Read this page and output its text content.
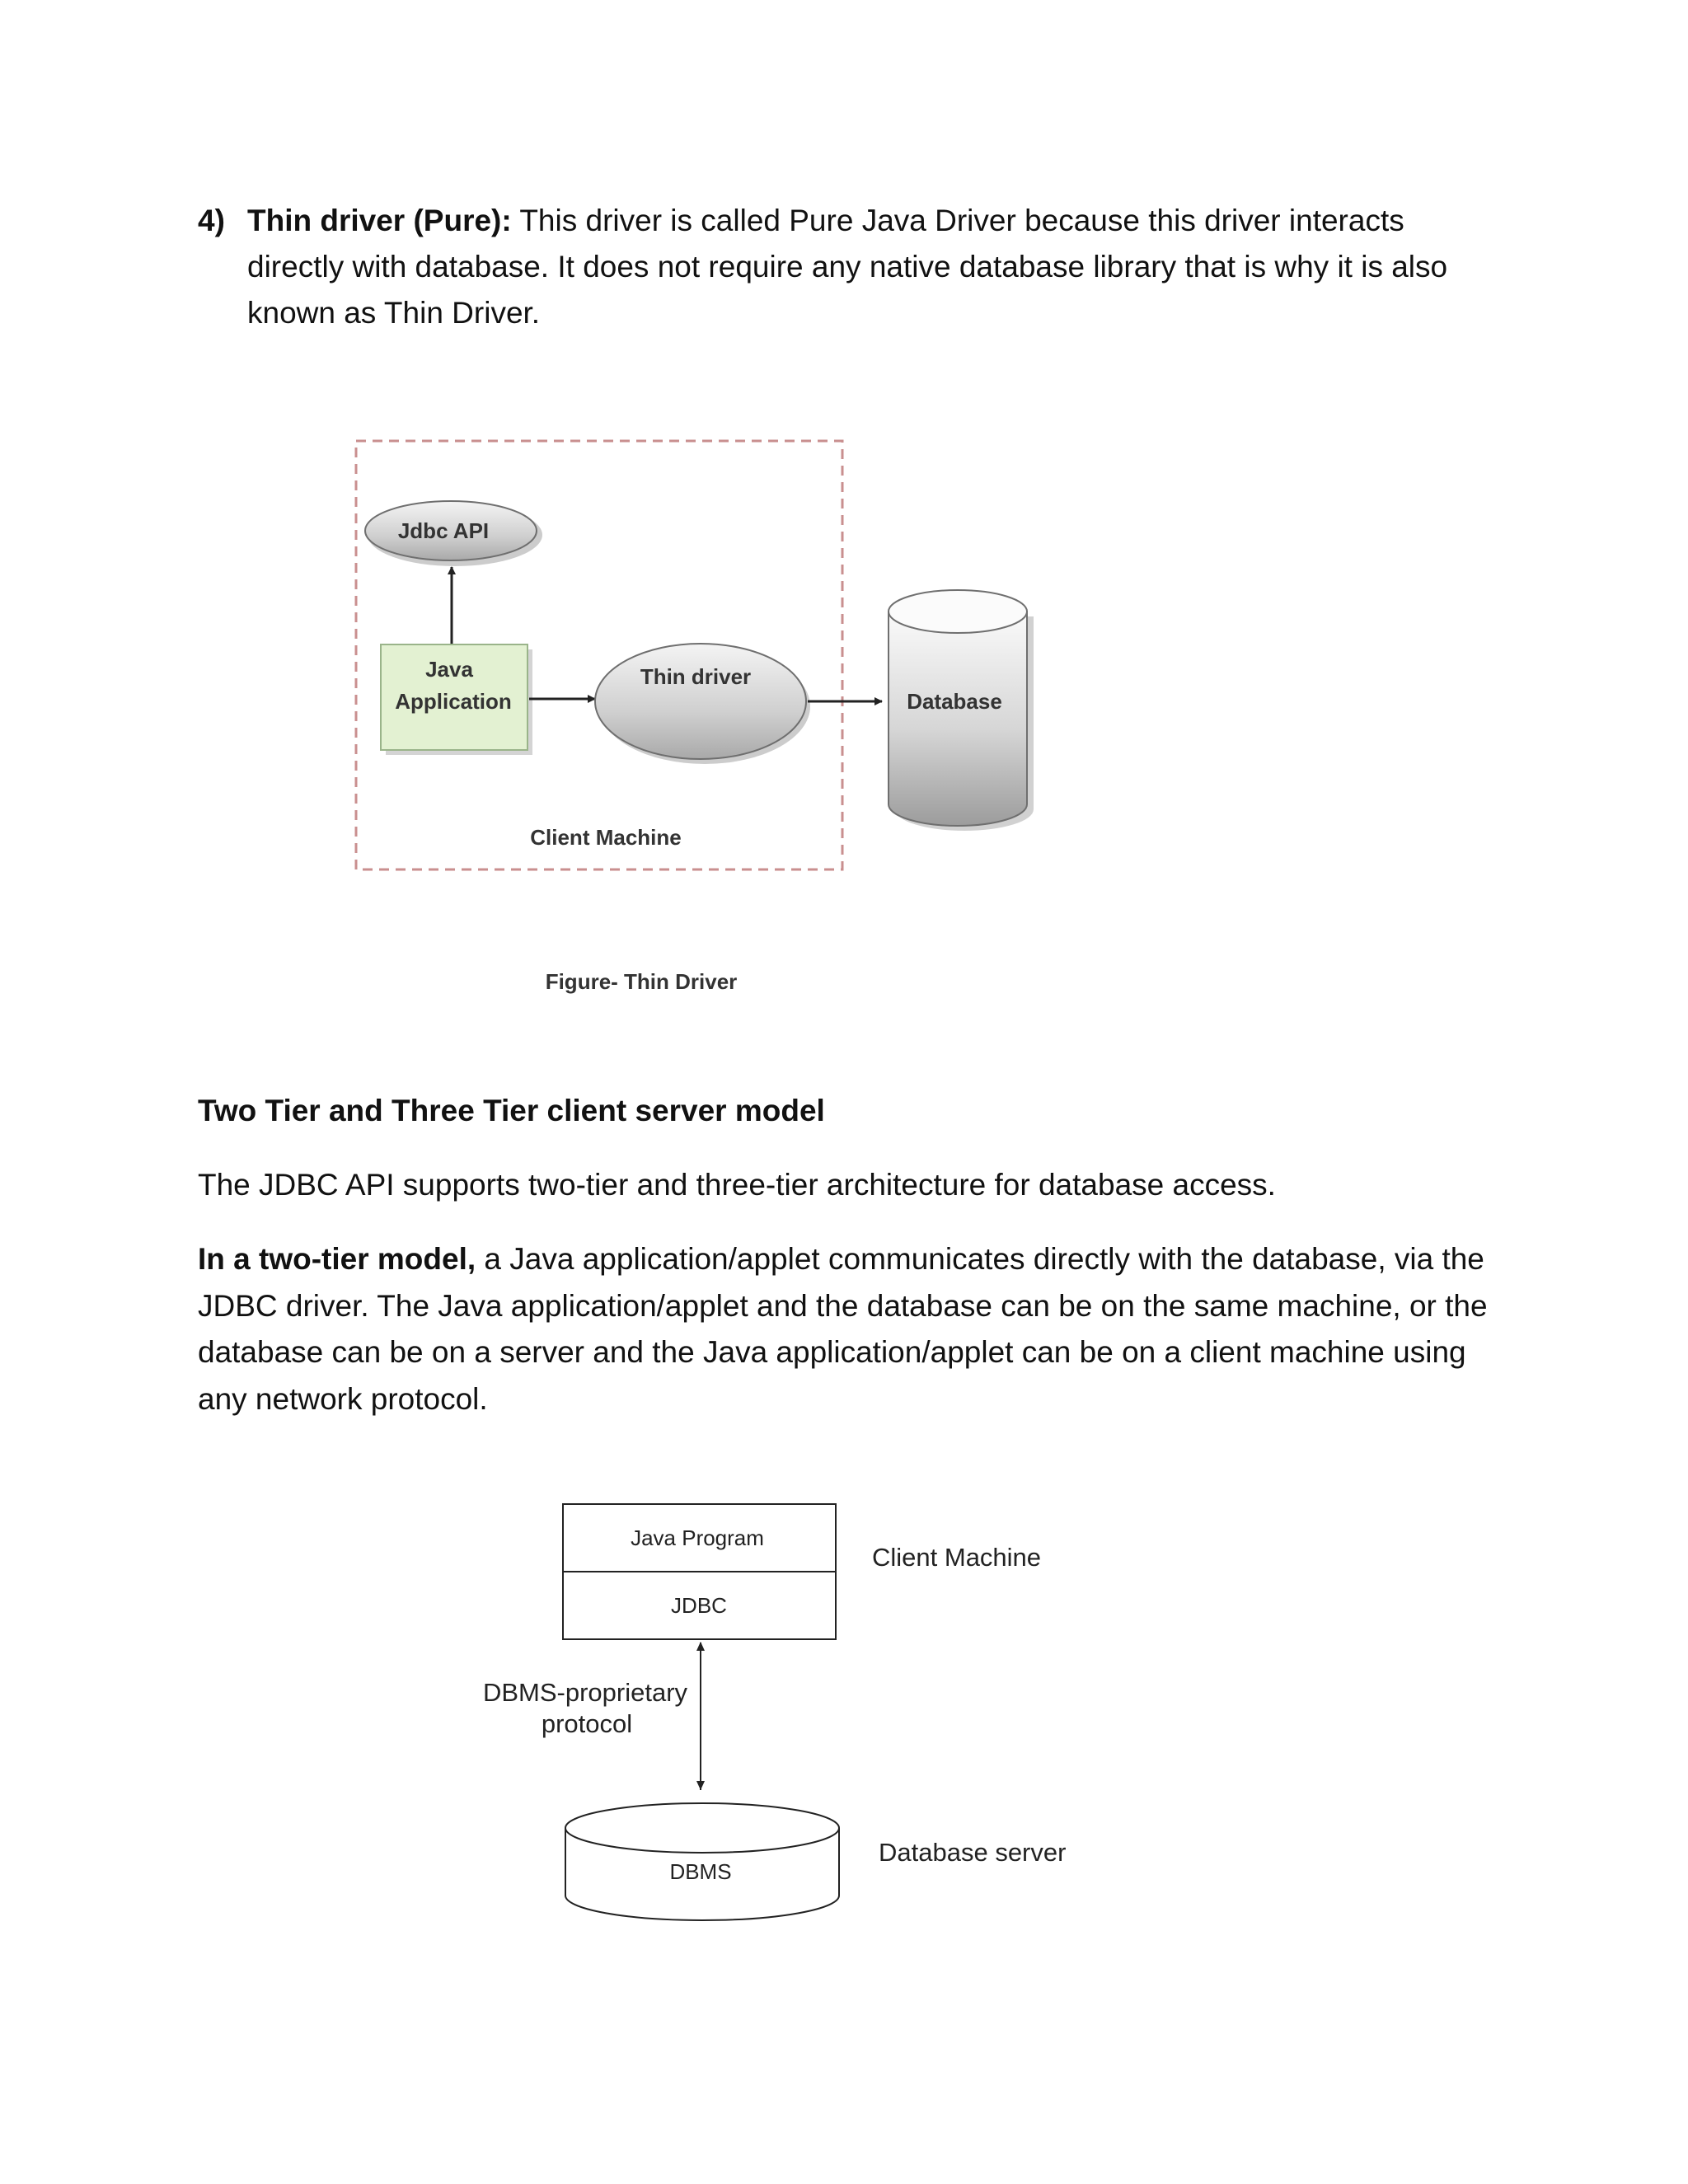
4) Thin driver (Pure): This driver is called Pure Java Driver because this driver interacts directly with database. It does not require any native database library that is why it is also known as Thin Driver.
Jdbc API
Java
Application
Thin driver
Database
Client Machine
Figure- Thin Driver
Java Program
JDBC
Client Machine
DBMS-proprietary
protocol
DBMS
Database server
Two Tier and Three Tier client server model
The JDBC API supports two-tier and three-tier architecture for database access.
In a two-tier model, a Java application/applet communicates directly with the database, via the JDBC driver. The Java application/applet and the database can be on the same machine, or the database can be on a server and the Java application/applet can be on a client machine using any network protocol.
